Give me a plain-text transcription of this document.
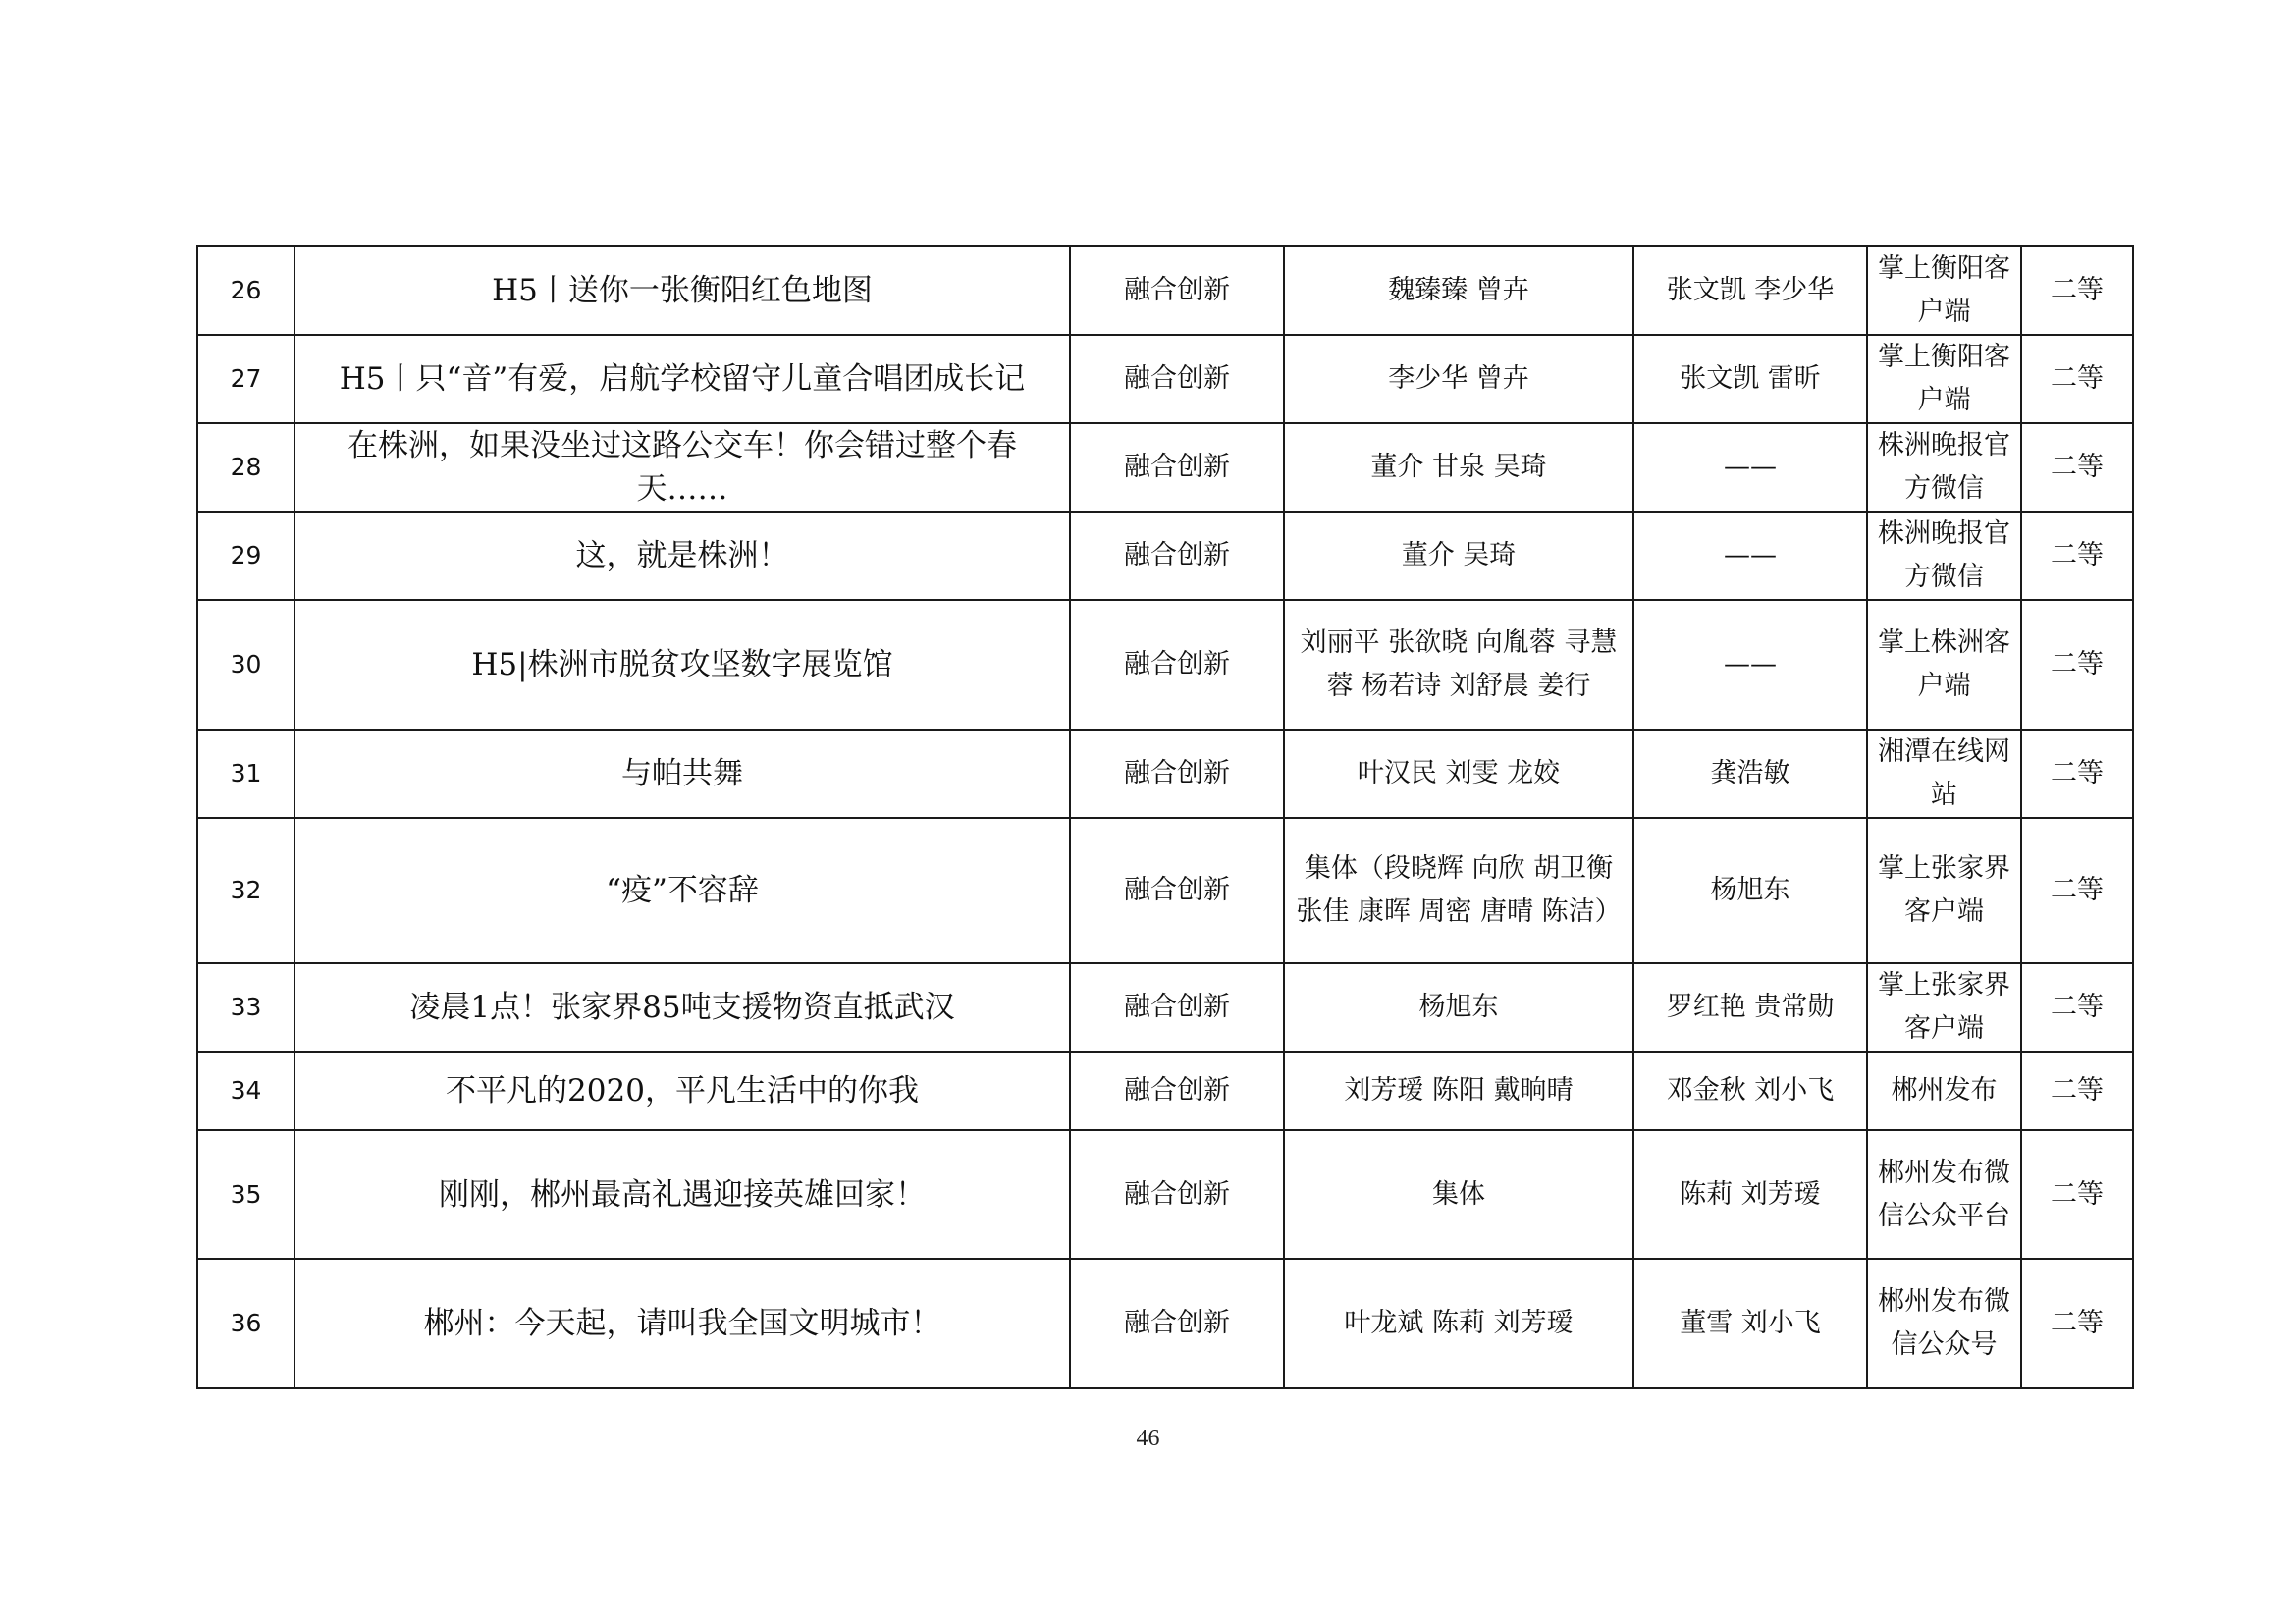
26	H5丨送你一张衡阳红色地图	融合创新	魏臻臻 曾卉	张文凯 李少华	掌上衡阳客户端	二等
27	H5丨只“音”有爱，启航学校留守儿童合唱团成长记	融合创新	李少华 曾卉	张文凯 雷昕	掌上衡阳客户端	二等
28	在株洲，如果没坐过这路公交车！你会错过整个春天……	融合创新	董介 甘泉 吴琦	——	株洲晚报官方微信	二等
29	这，就是株洲！	融合创新	董介 吴琦	——	株洲晚报官方微信	二等
30	H5|株洲市脱贫攻坚数字展览馆	融合创新	刘丽平 张欲晓 向胤蓉 寻慧蓉 杨若诗 刘舒晨 姜行	——	掌上株洲客户端	二等
31	与帕共舞	融合创新	叶汉民 刘雯 龙姣	龚浩敏	湘潭在线网站	二等
32	“疫”不容辞	融合创新	集体（段晓辉 向欣 胡卫衡 张佳 康晖 周密 唐晴 陈洁）	杨旭东	掌上张家界客户端	二等
33	凌晨1点！张家界85吨支援物资直抵武汉	融合创新	杨旭东	罗红艳 贵常勋	掌上张家界客户端	二等
34	不平凡的2020，平凡生活中的你我	融合创新	刘芳瑷 陈阳 戴晌晴	邓金秋 刘小飞	郴州发布	二等
35	刚刚，郴州最高礼遇迎接英雄回家！	融合创新	集体	陈莉 刘芳瑷	郴州发布微信公众平台	二等
36	郴州：今天起，请叫我全国文明城市！	融合创新	叶龙斌 陈莉 刘芳瑷	董雪 刘小飞	郴州发布微信公众号	二等
46
